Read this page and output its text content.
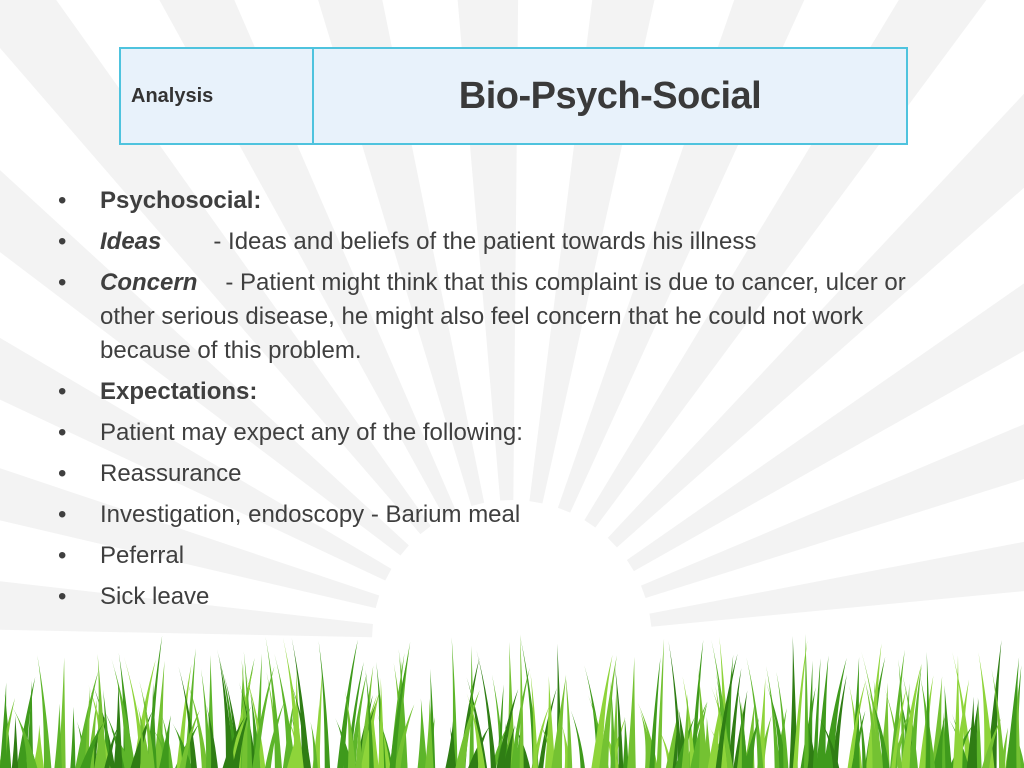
Analysis	Bio-Psych-Social
• Psychosocial:
• Ideas - Ideas and beliefs of the patient towards his illness
• Concern - Patient might think that this complaint is due to cancer, ulcer or other serious disease, he might also feel concern that he could not work because of this problem.
• Expectations:
• Patient may expect any of the following:
• Reassurance
• Investigation, endoscopy - Barium meal
• Peferral
• Sick leave
